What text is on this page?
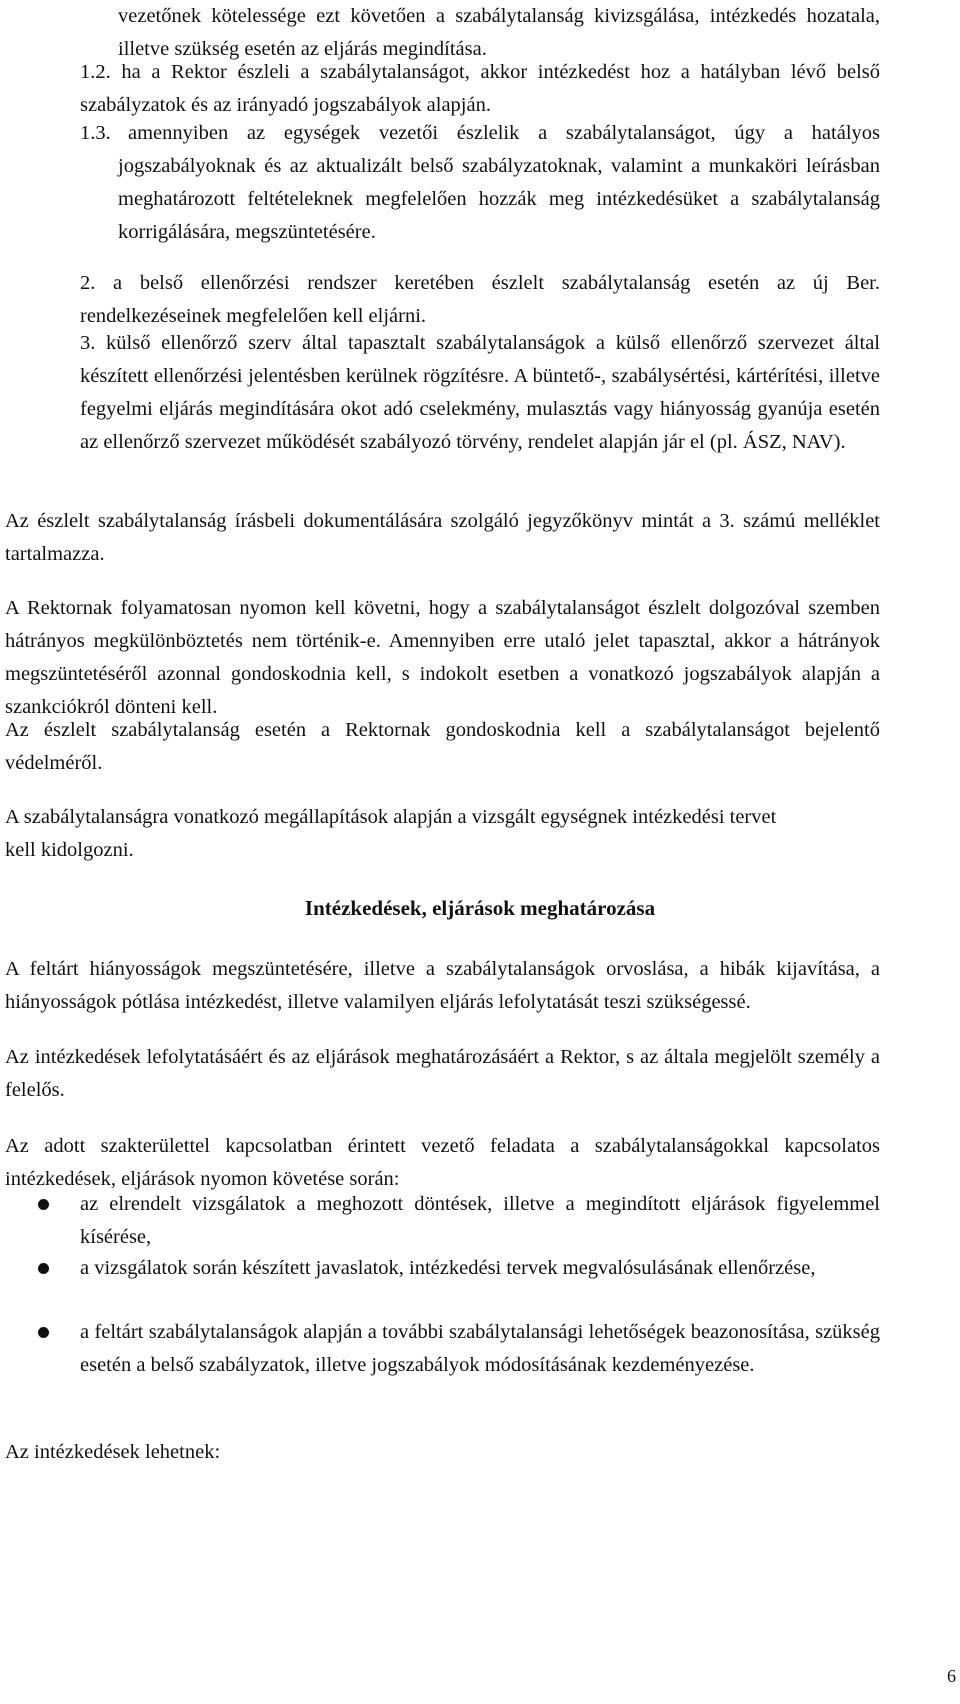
vezetőnek kötelessége ezt követően a szabálytalanság kivizsgálása, intézkedés hozatala, illetve szükség esetén az eljárás megindítása.

1.2. ha a Rektor észleli a szabálytalanságot, akkor intézkedést hoz a hatályban lévő belső szabályzatok és az irányadó jogszabályok alapján.

1.3. amennyiben az egységek vezetői észlelik a szabálytalanságot, úgy a hatályos jogszabályoknak és az aktualizált belső szabályzatoknak, valamint a munkaköri leírásban meghatározott feltételeknek megfelelően hozzák meg intézkedésüket a szabálytalanság korrigálására, megszüntetésére.

2. a belső ellenőrzési rendszer keretében észlelt szabálytalanság esetén az új Ber. rendelkezéseinek megfelelően kell eljárni.

3. külső ellenőrző szerv által tapasztalt szabálytalanságok a külső ellenőrző szervezet által készített ellenőrzési jelentésben kerülnek rögzítésre. A büntető-, szabálysértési, kártérítési, illetve fegyelmi eljárás megindítására okot adó cselekmény, mulasztás vagy hiányosság gyanúja esetén az ellenőrző szervezet működését szabályozó törvény, rendelet alapján jár el (pl. ÁSZ, NAV).

Az észlelt szabálytalanság írásbeli dokumentálására szolgáló jegyzőkönyv mintát a 3. számú melléklet tartalmazza.

A Rektornak folyamatosan nyomon kell követni, hogy a szabálytalanságot észlelt dolgozóval szemben hátrányos megkülönböztetés nem történik-e. Amennyiben erre utaló jelet tapasztal, akkor a hátrányok megszüntetéséről azonnal gondoskodnia kell, s indokolt esetben a vonatkozó jogszabályok alapján a szankciókról dönteni kell.

Az észlelt szabálytalanság esetén a Rektornak gondoskodnia kell a szabálytalanságot bejelentő védelméről.

A szabálytalanságra vonatkozó megállapítások alapján a vizsgált egységnek intézkedési tervet kell kidolgozni.

Intézkedések, eljárások meghatározása

A feltárt hiányosságok megszüntetésére, illetve a szabálytalanságok orvoslása, a hibák kijavítása, a hiányosságok pótlása intézkedést, illetve valamilyen eljárás lefolytatását teszi szükségessé.

Az intézkedések lefolytatásáért és az eljárások meghatározásáért a Rektor, s az általa megjelölt személy a felelős.

Az adott szakterülettel kapcsolatban érintett vezető feladata a szabálytalanságokkal kapcsolatos intézkedések, eljárások nyomon követése során:

az elrendelt vizsgálatok a meghozott döntések, illetve a megindított eljárások figyelemmel kísérése,

a vizsgálatok során készített javaslatok, intézkedési tervek megvalósulásának ellenőrzése,

a feltárt szabálytalanságok alapján a további szabálytalansági lehetőségek beazonosítása, szükség esetén a belső szabályzatok, illetve jogszabályok módosításának kezdeményezése.

Az intézkedések lehetnek:

6
